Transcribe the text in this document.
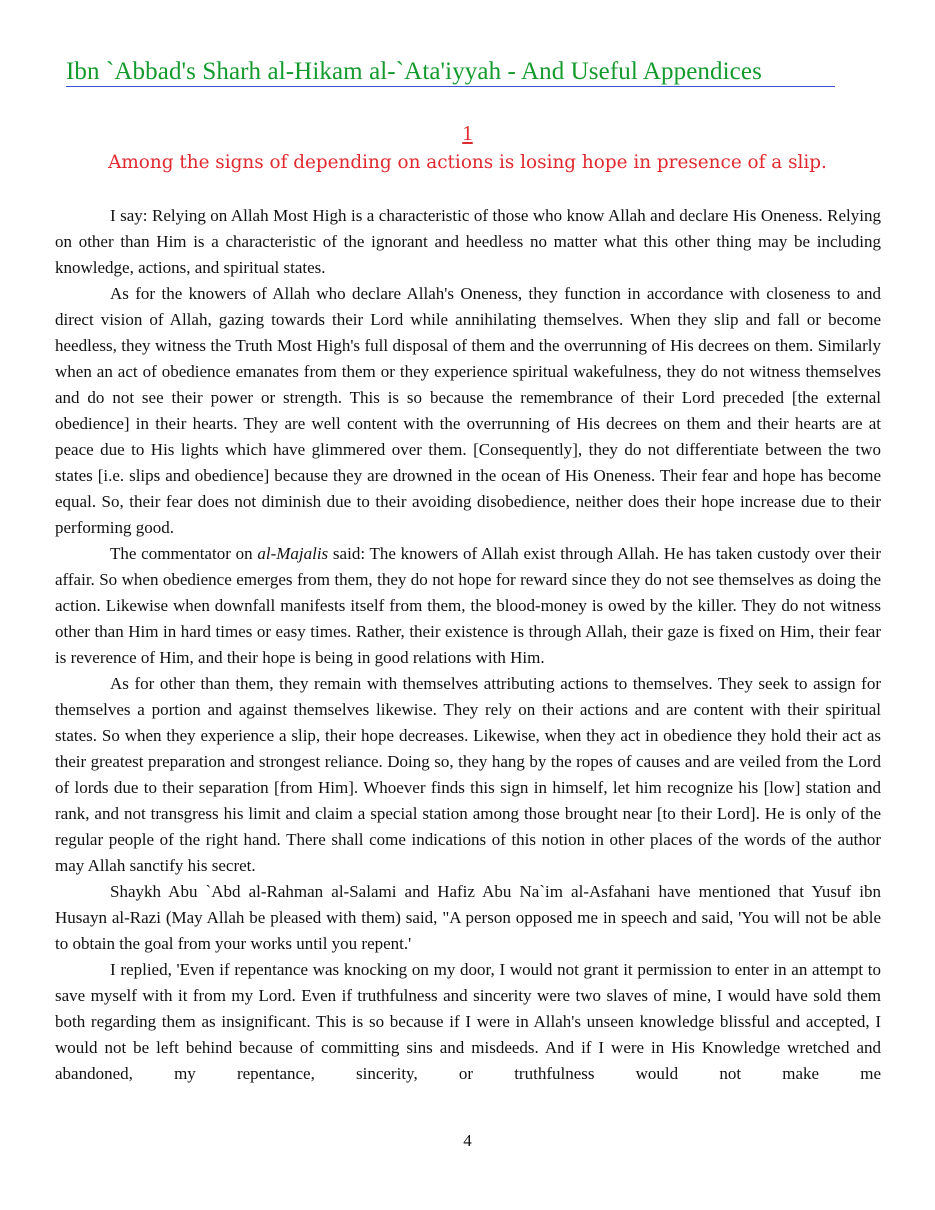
Ibn `Abbad's Sharh al-Hikam al-`Ata'iyyah - And Useful Appendices
1
Among the signs of depending on actions is losing hope in presence of a slip.

I say: Relying on Allah Most High is a characteristic of those who know Allah and declare His Oneness. Relying on other than Him is a characteristic of the ignorant and heedless no matter what this other thing may be including knowledge, actions, and spiritual states.

As for the knowers of Allah who declare Allah's Oneness, they function in accordance with closeness to and direct vision of Allah, gazing towards their Lord while annihilating themselves. When they slip and fall or become heedless, they witness the Truth Most High's full disposal of them and the overrunning of His decrees on them. Similarly when an act of obedience emanates from them or they experience spiritual wakefulness, they do not witness themselves and do not see their power or strength. This is so because the remembrance of their Lord preceded [the external obedience] in their hearts. They are well content with the overrunning of His decrees on them and their hearts are at peace due to His lights which have glimmered over them. [Consequently], they do not differentiate between the two states [i.e. slips and obedience] because they are drowned in the ocean of His Oneness. Their fear and hope has become equal. So, their fear does not diminish due to their avoiding disobedience, neither does their hope increase due to their performing good.

The commentator on al-Majalis said: The knowers of Allah exist through Allah. He has taken custody over their affair. So when obedience emerges from them, they do not hope for reward since they do not see themselves as doing the action. Likewise when downfall manifests itself from them, the blood-money is owed by the killer. They do not witness other than Him in hard times or easy times. Rather, their existence is through Allah, their gaze is fixed on Him, their fear is reverence of Him, and their hope is being in good relations with Him.

As for other than them, they remain with themselves attributing actions to themselves. They seek to assign for themselves a portion and against themselves likewise. They rely on their actions and are content with their spiritual states. So when they experience a slip, their hope decreases. Likewise, when they act in obedience they hold their act as their greatest preparation and strongest reliance. Doing so, they hang by the ropes of causes and are veiled from the Lord of lords due to their separation [from Him]. Whoever finds this sign in himself, let him recognize his [low] station and rank, and not transgress his limit and claim a special station among those brought near [to their Lord]. He is only of the regular people of the right hand. There shall come indications of this notion in other places of the words of the author may Allah sanctify his secret.

Shaykh Abu `Abd al-Rahman al-Salami and Hafiz Abu Na`im al-Asfahani have mentioned that Yusuf ibn Husayn al-Razi (May Allah be pleased with them) said, "A person opposed me in speech and said, 'You will not be able to obtain the goal from your works until you repent.'

I replied, 'Even if repentance was knocking on my door, I would not grant it permission to enter in an attempt to save myself with it from my Lord. Even if truthfulness and sincerity were two slaves of mine, I would have sold them both regarding them as insignificant. This is so because if I were in Allah's unseen knowledge blissful and accepted, I would not be left behind because of committing sins and misdeeds. And if I were in His Knowledge wretched and abandoned, my repentance, sincerity, or truthfulness would not make me

4
